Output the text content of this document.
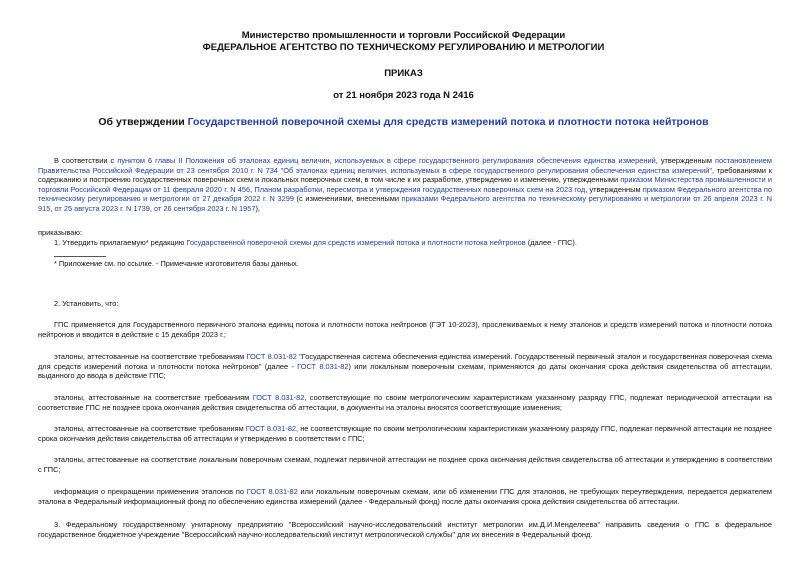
Министерство промышленности и торговли Российской Федерации
ФЕДЕРАЛЬНОЕ АГЕНТСТВО ПО ТЕХНИЧЕСКОМУ РЕГУЛИРОВАНИЮ И МЕТРОЛОГИИ
ПРИКАЗ
от 21 ноября 2023 года N 2416
Об утверждении Государственной поверочной схемы для средств измерений потока и плотности потока нейтронов
В соответствии с пунктом 6 главы II Положения об эталонах единиц величин, используемых в сфере государственного регулирования обеспечения единства измерений, утвержденным постановлением Правительства Российской Федерации от 23 сентября 2010 г. N 734 "Об эталонах единиц величин, используемых в сфере государственного регулирования обеспечения единства измерений", требованиями к содержанию и построению государственных поверочных схем и локальных поверочных схем, в том числе к их разработке, утверждению и изменению, утвержденными приказом Министерства промышленности и торговли Российской Федерации от 11 февраля 2020 г. N 456, Планом разработки, пересмотра и утверждения государственных поверочных схем на 2023 год, утвержденным приказом Федерального агентства по техническому регулированию и метрологии от 27 декабря 2022 г. N 3299 (с изменениями, внесенными приказами Федерального агентства по техническому регулированию и метрологии от 26 апреля 2023 г. N 915, от 25 августа 2023 г. N 1739, от 26 сентября 2023 г. N 1957),
приказываю:
1. Утвердить прилагаемую* редакцию Государственной поверочной схемы для средств измерений потока и плотности потока нейтронов (далее - ГПС).
* Приложение см. по ссылке. - Примечание изготовителя базы данных.
2. Установить, что:
ГПС применяется для Государственного первичного эталона единиц потока и плотности потока нейтронов (ГЭТ 10-2023), прослеживаемых к нему эталонов и средств измерений потока и плотности потока нейтронов и вводится в действие с 15 декабря 2023 г.;
эталоны, аттестованные на соответствие требованиям ГОСТ 8.031-82 "Государственная система обеспечения единства измерений. Государственный первичный эталон и государственная поверочная схема для средств измерений потока и плотности потока нейтронов" (далее - ГОСТ 8.031-82) или локальным поверочным схемам, применяются до даты окончания срока действия свидетельства об аттестации, выданного до ввода в действие ГПС;
эталоны, аттестованные на соответствие требованиям ГОСТ 8.031-82, соответствующие по своим метрологическим характеристикам указанному разряду ГПС, подлежат периодической аттестации на соответствие ГПС не позднее срока окончания действия свидетельства об аттестации, в документы на эталоны вносятся соответствующие изменения;
эталоны, аттестованные на соответствие требованиям ГОСТ 8.031-82, не соответствующие по своим метрологическим характеристикам указанному разряду ГПС, подлежат первичной аттестации не позднее срока окончания действия свидетельства об аттестации и утверждению в соответствии с ГПС;
эталоны, аттестованные на соответствие локальным поверочным схемам, подлежат первичной аттестации не позднее срока окончания действия свидетельства об аттестации и утверждению в соответствии с ГПС;
информация о прекращении применения эталонов по ГОСТ 8.031-82 или локальным поверочным схемам, или об изменении ГПС для эталонов, не требующих переутверждения, передается держателем эталона в Федеральный информационный фонд по обеспечению единства измерений (далее - Федеральный фонд) после даты окончания срока действия свидетельства об аттестации.
3. Федеральному государственному унитарному предприятию "Всероссийский научно-исследовательский институт метрологии им.Д.И.Менделеева" направить сведения о ГПС в федеральное государственное бюджетное учреждение "Всероссийский научно-исследовательский институт метрологической службы" для их внесения в Федеральный фонд.
